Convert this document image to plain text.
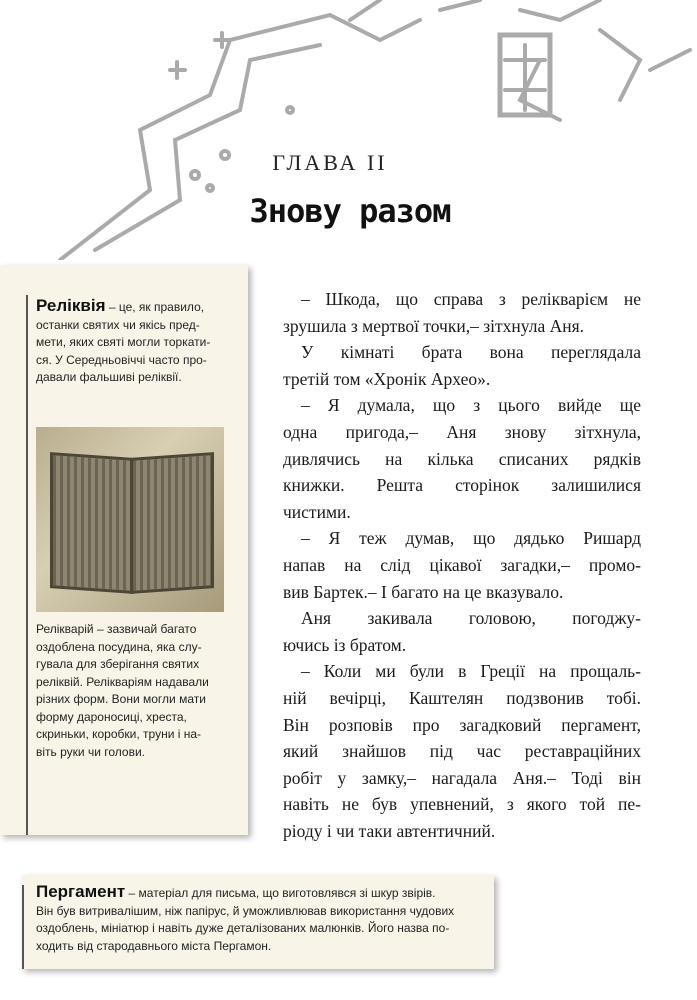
ГЛАВА II
Знову разом
Реліквія – це, як правило,
останки святих чи якісь пред-
мети, яких святі могли торкати-
ся. У Середньовіччі часто про-
давали фальшиві реліквії.
Релікварій – зазвичай багато
оздоблена посудина, яка слу-
гувала для зберігання святих
реліквій. Релікваріям надавали
різних форм. Вони могли мати
форму дароносиці, хреста,
скриньки, коробки, труни і на-
віть руки чи голови.
– Шкода, що справа з релікварієм не
зрушила з мертвої точки,– зітхнула Аня.
У кімнаті брата вона переглядала
третій том «Хронік Архео».
– Я думала, що з цього вийде ще
одна пригода,– Аня знову зітхнула,
дивлячись на кілька списаних рядків
книжки. Решта сторінок залишилися
чистими.
– Я теж думав, що дядько Ришард
напав на слід цікавої загадки,– промо-
вив Бартек.– І багато на це вказувало.
Аня закивала головою, погоджу-
ючись із братом.
– Коли ми були в Греції на прощаль-
ній вечірці, Каштелян подзвонив тобі.
Він розповів про загадковий пергамент,
який знайшов під час реставраційних
робіт у замку,– нагадала Аня.– Тоді він
навіть не був упевнений, з якого той пе-
ріоду і чи таки автентичний.
Пергамент – матеріал для письма, що виготовлявся зі шкур звірів.
Він був витривалішим, ніж папірус, й уможливлював використання чудових
оздоблень, мініатюр і навіть дуже деталізованих малюнків. Його назва по-
ходить від стародавнього міста Пергамон.
